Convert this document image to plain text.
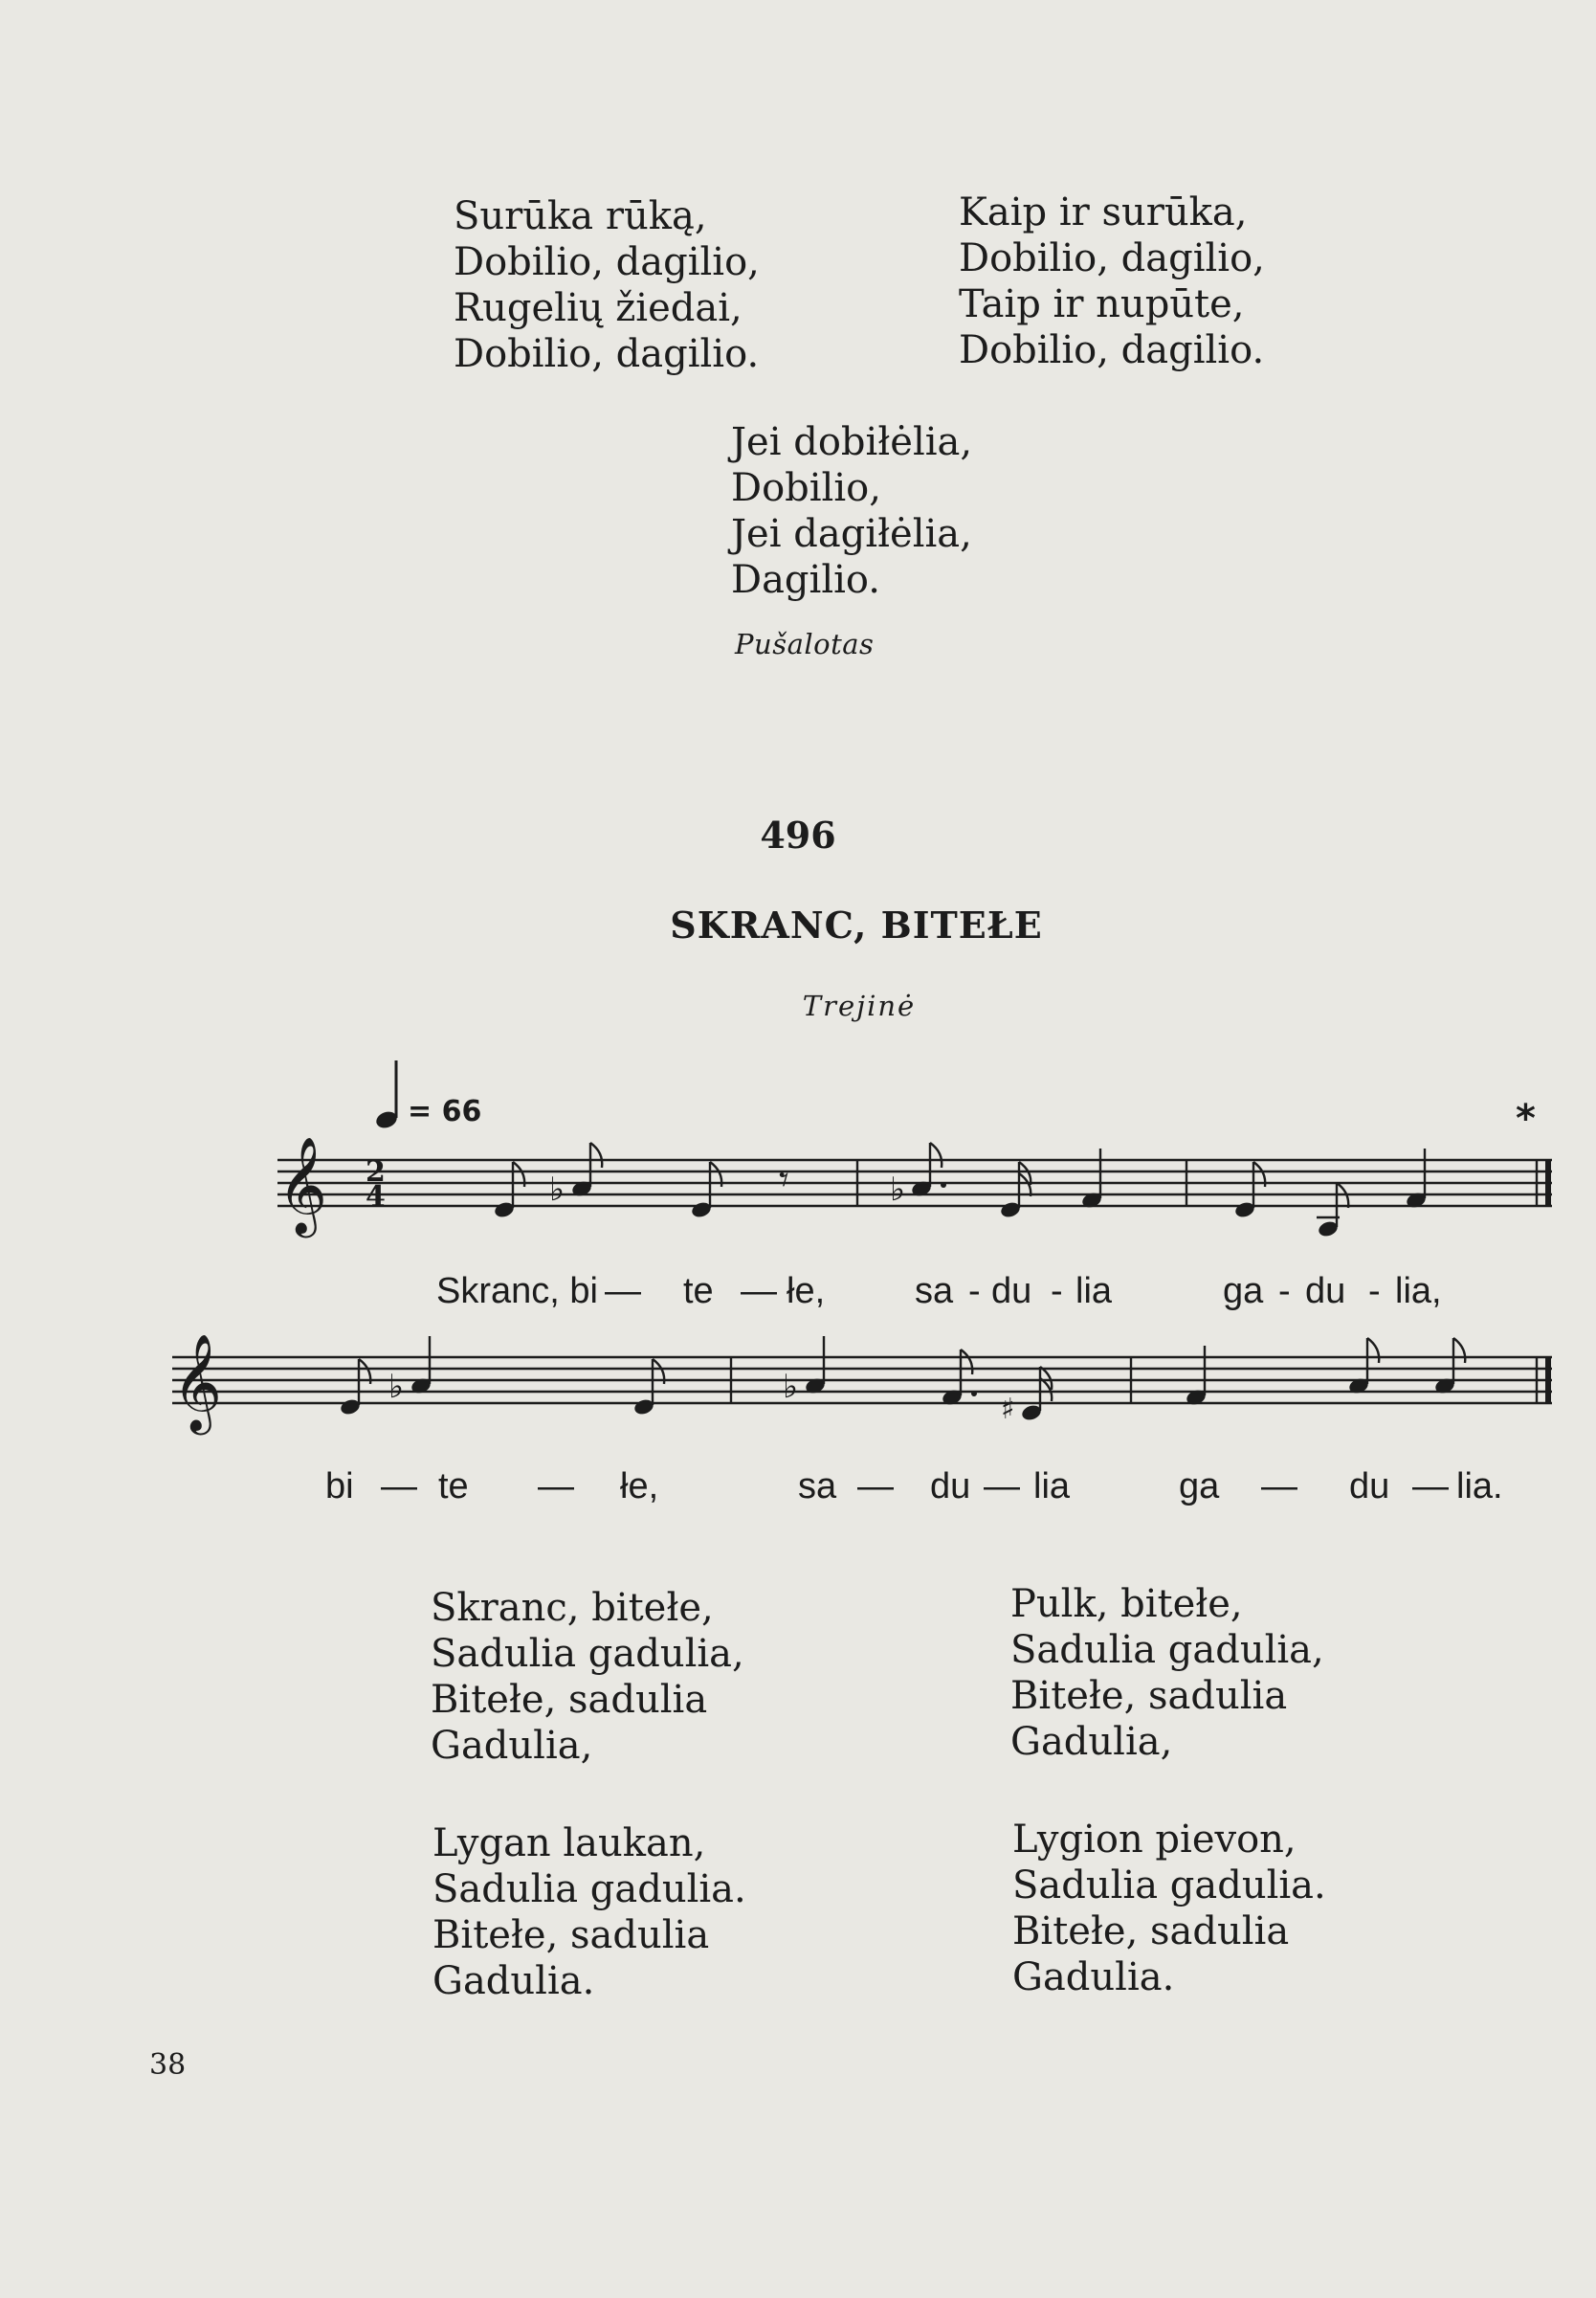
Surūka rūką,
Dobilio, dagilio,
Rugelių žiedai,
Dobilio, dagilio.
Kaip ir surūka,
Dobilio, dagilio,
Taip ir nupūte,
Dobilio, dagilio.
Jei dobiłėlia,
Dobilio,
Jei dagiłėlia,
Dagilio.
Pušalotas
496
SKRANC, BITEŁE
Trejinė
= 66	*
𝄞 2
4	♭	𝄾	♭
𝄞	♭	♭
♯
Skranc, bi — te — łe, sa - du - lia	ga - du - lia,
bi — te — łe,	sa — du — lia	ga — du — lia.
Skranc, bitełe,
Sadulia gadulia,
Bitełe, sadulia
Gadulia,
Pulk, bitełe,
Sadulia gadulia,
Bitełe, sadulia
Gadulia,
Lygan laukan,
Sadulia gadulia.
Bitełe, sadulia
Gadulia.
Lygion pievon,
Sadulia gadulia.
Bitełe, sadulia
Gadulia.
38
